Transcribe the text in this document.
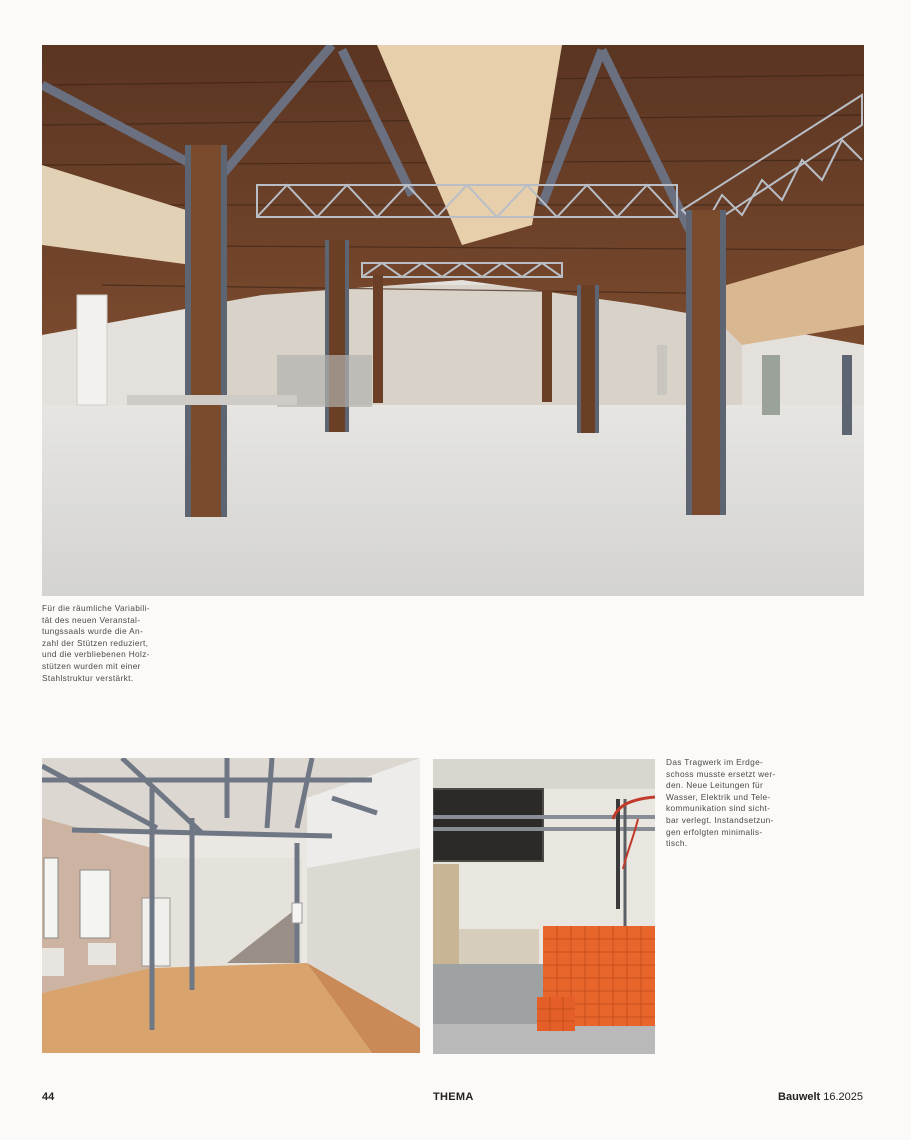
Für die räumliche Variabili-
tät des neuen Veranstal-
tungssaals wurde die An-
zahl der Stützen reduziert,
und die verbliebenen Holz-
stützen wurden mit einer
Stahlstruktur verstärkt.
Das Tragwerk im Erdge-
schoss musste ersetzt wer-
den. Neue Leitungen für
Wasser, Elektrik und Tele-
kommunikation sind sicht-
bar verlegt. Instandsetzun-
gen erfolgten minimalis-
tisch.
44	THEMA	Bauwelt 16.2025
